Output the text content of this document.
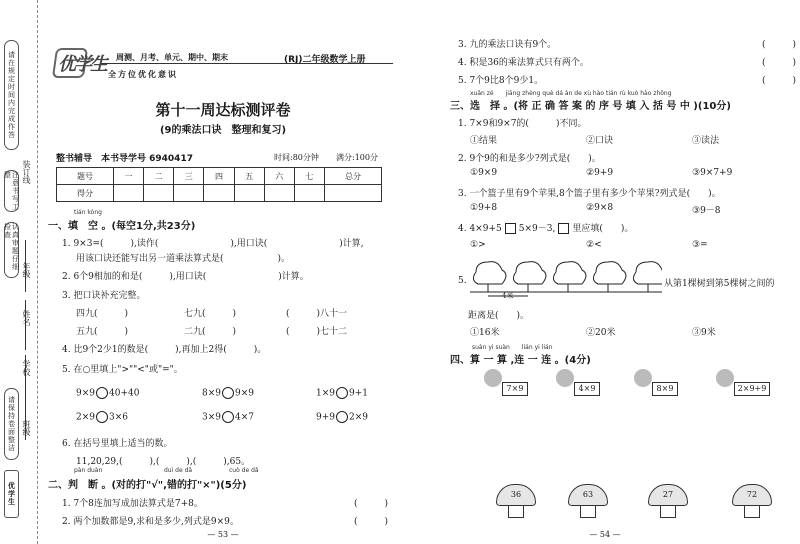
请在规定时间内完成作答
注意书写工整
认真审题仔细检查
请保持卷面整洁
优学生
装订线
年级
姓名
学校
班级
优学生 周测、月考、单元、期中、期末
全方位优化意识
(RJ)二年级数学上册
第十一周达标测评卷
(9的乘法口诀　整理和复习)
整书辅导　本书导学号 6940417	时间:80分钟 满分:100分
题号	一	二	三	四	五	六	七	总分
得分								
tián kòng
一、填　空 。(每空1分,共23分)
1. 9×3=(　　　),读作(　　　　　　　　),用口诀(　　　　　　　　)计算,
用该口诀还能写出另一道乘法算式是(　　　　　　)。
2. 6个9相加的和是(　　　),用口诀(　　　　　　　　)计算。
3. 把口诀补充完整。
四九(　　　)	七九(　　　)	(　　　)八十一
五九(　　　)	二九(　　　)	(　　　)七十二
4. 比9个2少1的数是(　　　),再加上2得(　　　)。
5. 在○里填上">""<"或"="。
9×9 40+40	8×9 9×9	1×9 9+1
2×9 3×6	3×9 4×7	9+9 2×9
6. 在括号里填上适当的数。
11,20,29,(　　　),(　　　),(　　　),65。
pàn duàn	duì de dǎ	cuò de dǎ
二、判　断 。(对的打"√",错的打"×")(5分)
1. 7个8连加写成加法算式是7+8。	(　　　)
2. 两个加数都是9,求和是多少,列式是9×9。	(　　　)
— 53 —
3. 九的乘法口诀有9个。	(　　　)
4. 积是36的乘法算式只有两个。	(　　　)
5. 7个9比8个9少1。	(　　　)
xuǎn zé　　jiāng zhèng què dá àn de xù hào tián rù kuò hào zhōng
三、选　择 。(将 正 确 答 案 的 序 号 填 入 括 号 中 )(10分)
1. 7×9和9×7的(　　　)不同。
①结果	②口诀	③读法
2. 9个9的和是多少?列式是(　　)。
①9×9	②9+9	③9×7+9
3. 一个篮子里有9个苹果,8个篮子里有多少个苹果?列式是(　　)。
①9+8	②9×8	③9－8
4. 4×9+5 5×9－3, 里应填(　　)。
①>	②<	③=
5.
4米
从第1棵树到第5棵树之间的
距离是(　　)。
①16米	②20米	③9米
suàn yi suàn　　lián yi lián
四、算 一 算 ,连 一 连 。(4分)
7×9	4×9	8×9	2×9+9
36	63	27	72
— 54 —
